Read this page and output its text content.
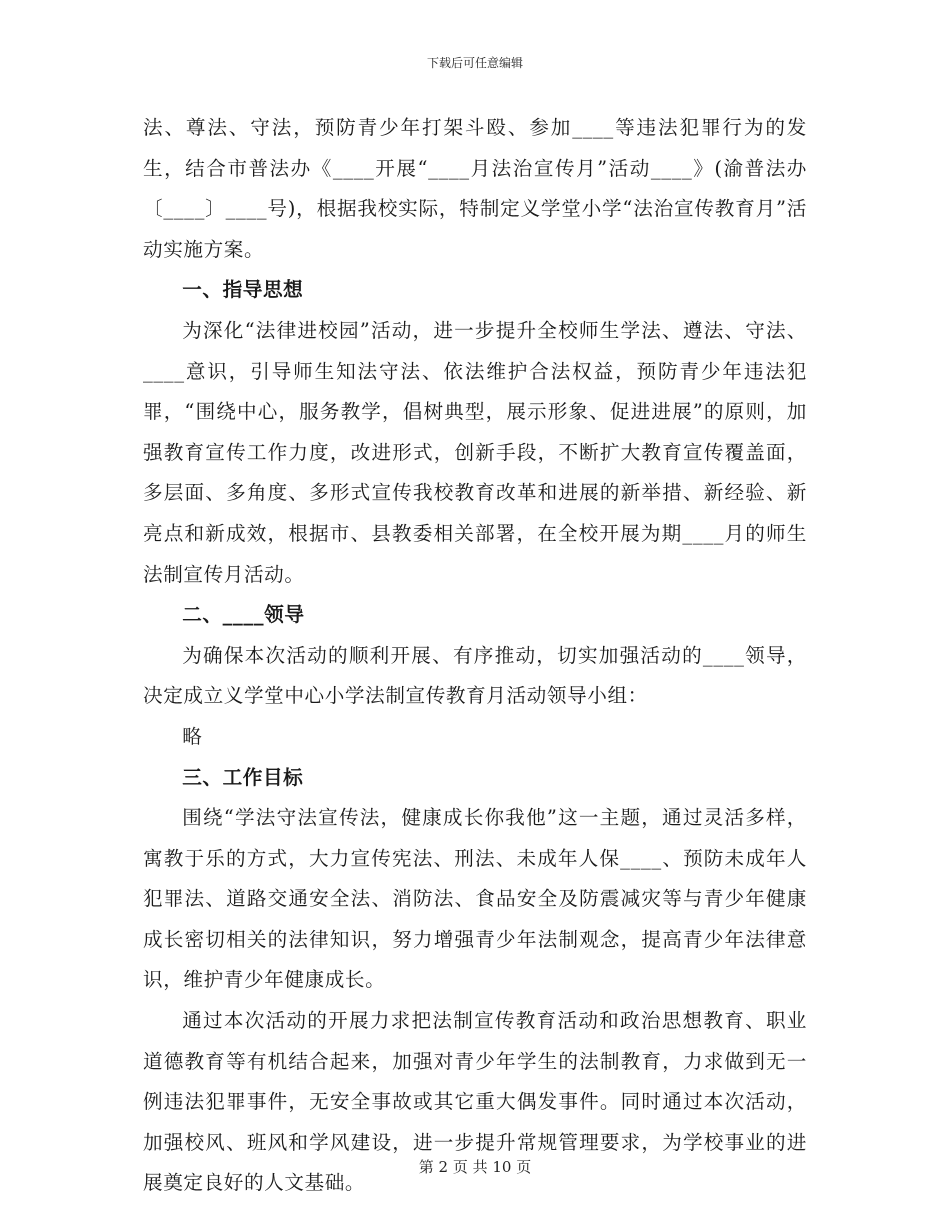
下载后可任意编辑

法、尊法、守法，预防青少年打架斗殴、参加____等违法犯罪行为的发生，结合市普法办《____开展“____月法治宣传月”活动____》(渝普法办〔____〕____号)，根据我校实际，特制定义学堂小学“法治宣传教育月”活动实施方案。

一、指导思想

为深化“法律进校园”活动，进一步提升全校师生学法、遵法、守法、____意识，引导师生知法守法、依法维护合法权益，预防青少年违法犯罪，“围绕中心，服务教学，倡树典型，展示形象、促进进展”的原则，加强教育宣传工作力度，改进形式，创新手段，不断扩大教育宣传覆盖面，多层面、多角度、多形式宣传我校教育改革和进展的新举措、新经验、新亮点和新成效，根据市、县教委相关部署，在全校开展为期____月的师生法制宣传月活动。

二、____领导

为确保本次活动的顺利开展、有序推动，切实加强活动的____领导，决定成立义学堂中心小学法制宣传教育月活动领导小组：

略

三、工作目标

围绕“学法守法宣传法，健康成长你我他”这一主题，通过灵活多样，寓教于乐的方式，大力宣传宪法、刑法、未成年人保____、预防未成年人犯罪法、道路交通安全法、消防法、食品安全及防震减灾等与青少年健康成长密切相关的法律知识，努力增强青少年法制观念，提高青少年法律意识，维护青少年健康成长。

通过本次活动的开展力求把法制宣传教育活动和政治思想教育、职业道德教育等有机结合起来，加强对青少年学生的法制教育，力求做到无一例违法犯罪事件，无安全事故或其它重大偶发事件。同时通过本次活动，加强校风、班风和学风建设，进一步提升常规管理要求，为学校事业的进展奠定良好的人文基础。

第 2 页 共 10 页
